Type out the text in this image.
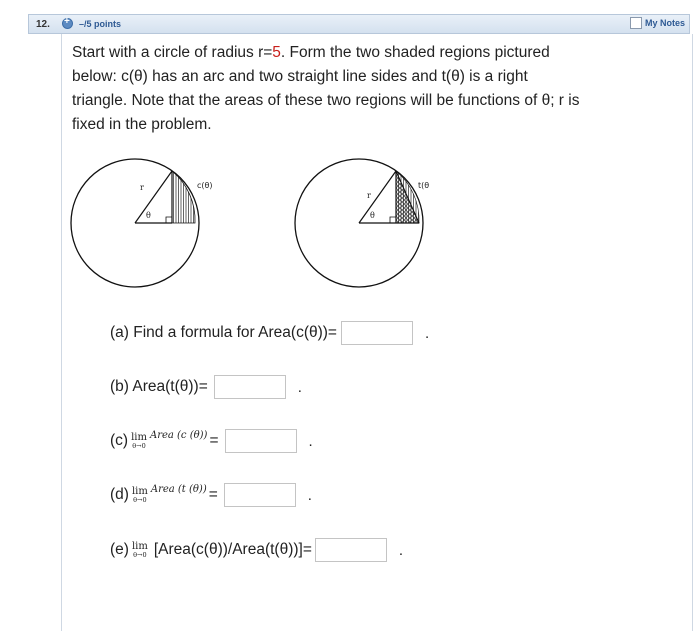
12.
+	–/5 points	My Notes
Start with a circle of radius r=5. Form the two shaded regions pictured
below: c(θ) has an arc and two straight line sides and t(θ) is a right
triangle. Note that the areas of these two regions will be functions of θ; r is
fixed in the problem.
r
θ
c(θ)
r
θ
t(θ
(a) Find a formula for Area(c(θ))=	.
(b) Area(t(θ))=	.
(c) lim
θ→0
Area (c (θ)) =	.
(d) lim
θ→0
Area (t (θ)) =	.
(e) lim
θ→0 [Area(c(θ))/Area(t(θ))]=	.
